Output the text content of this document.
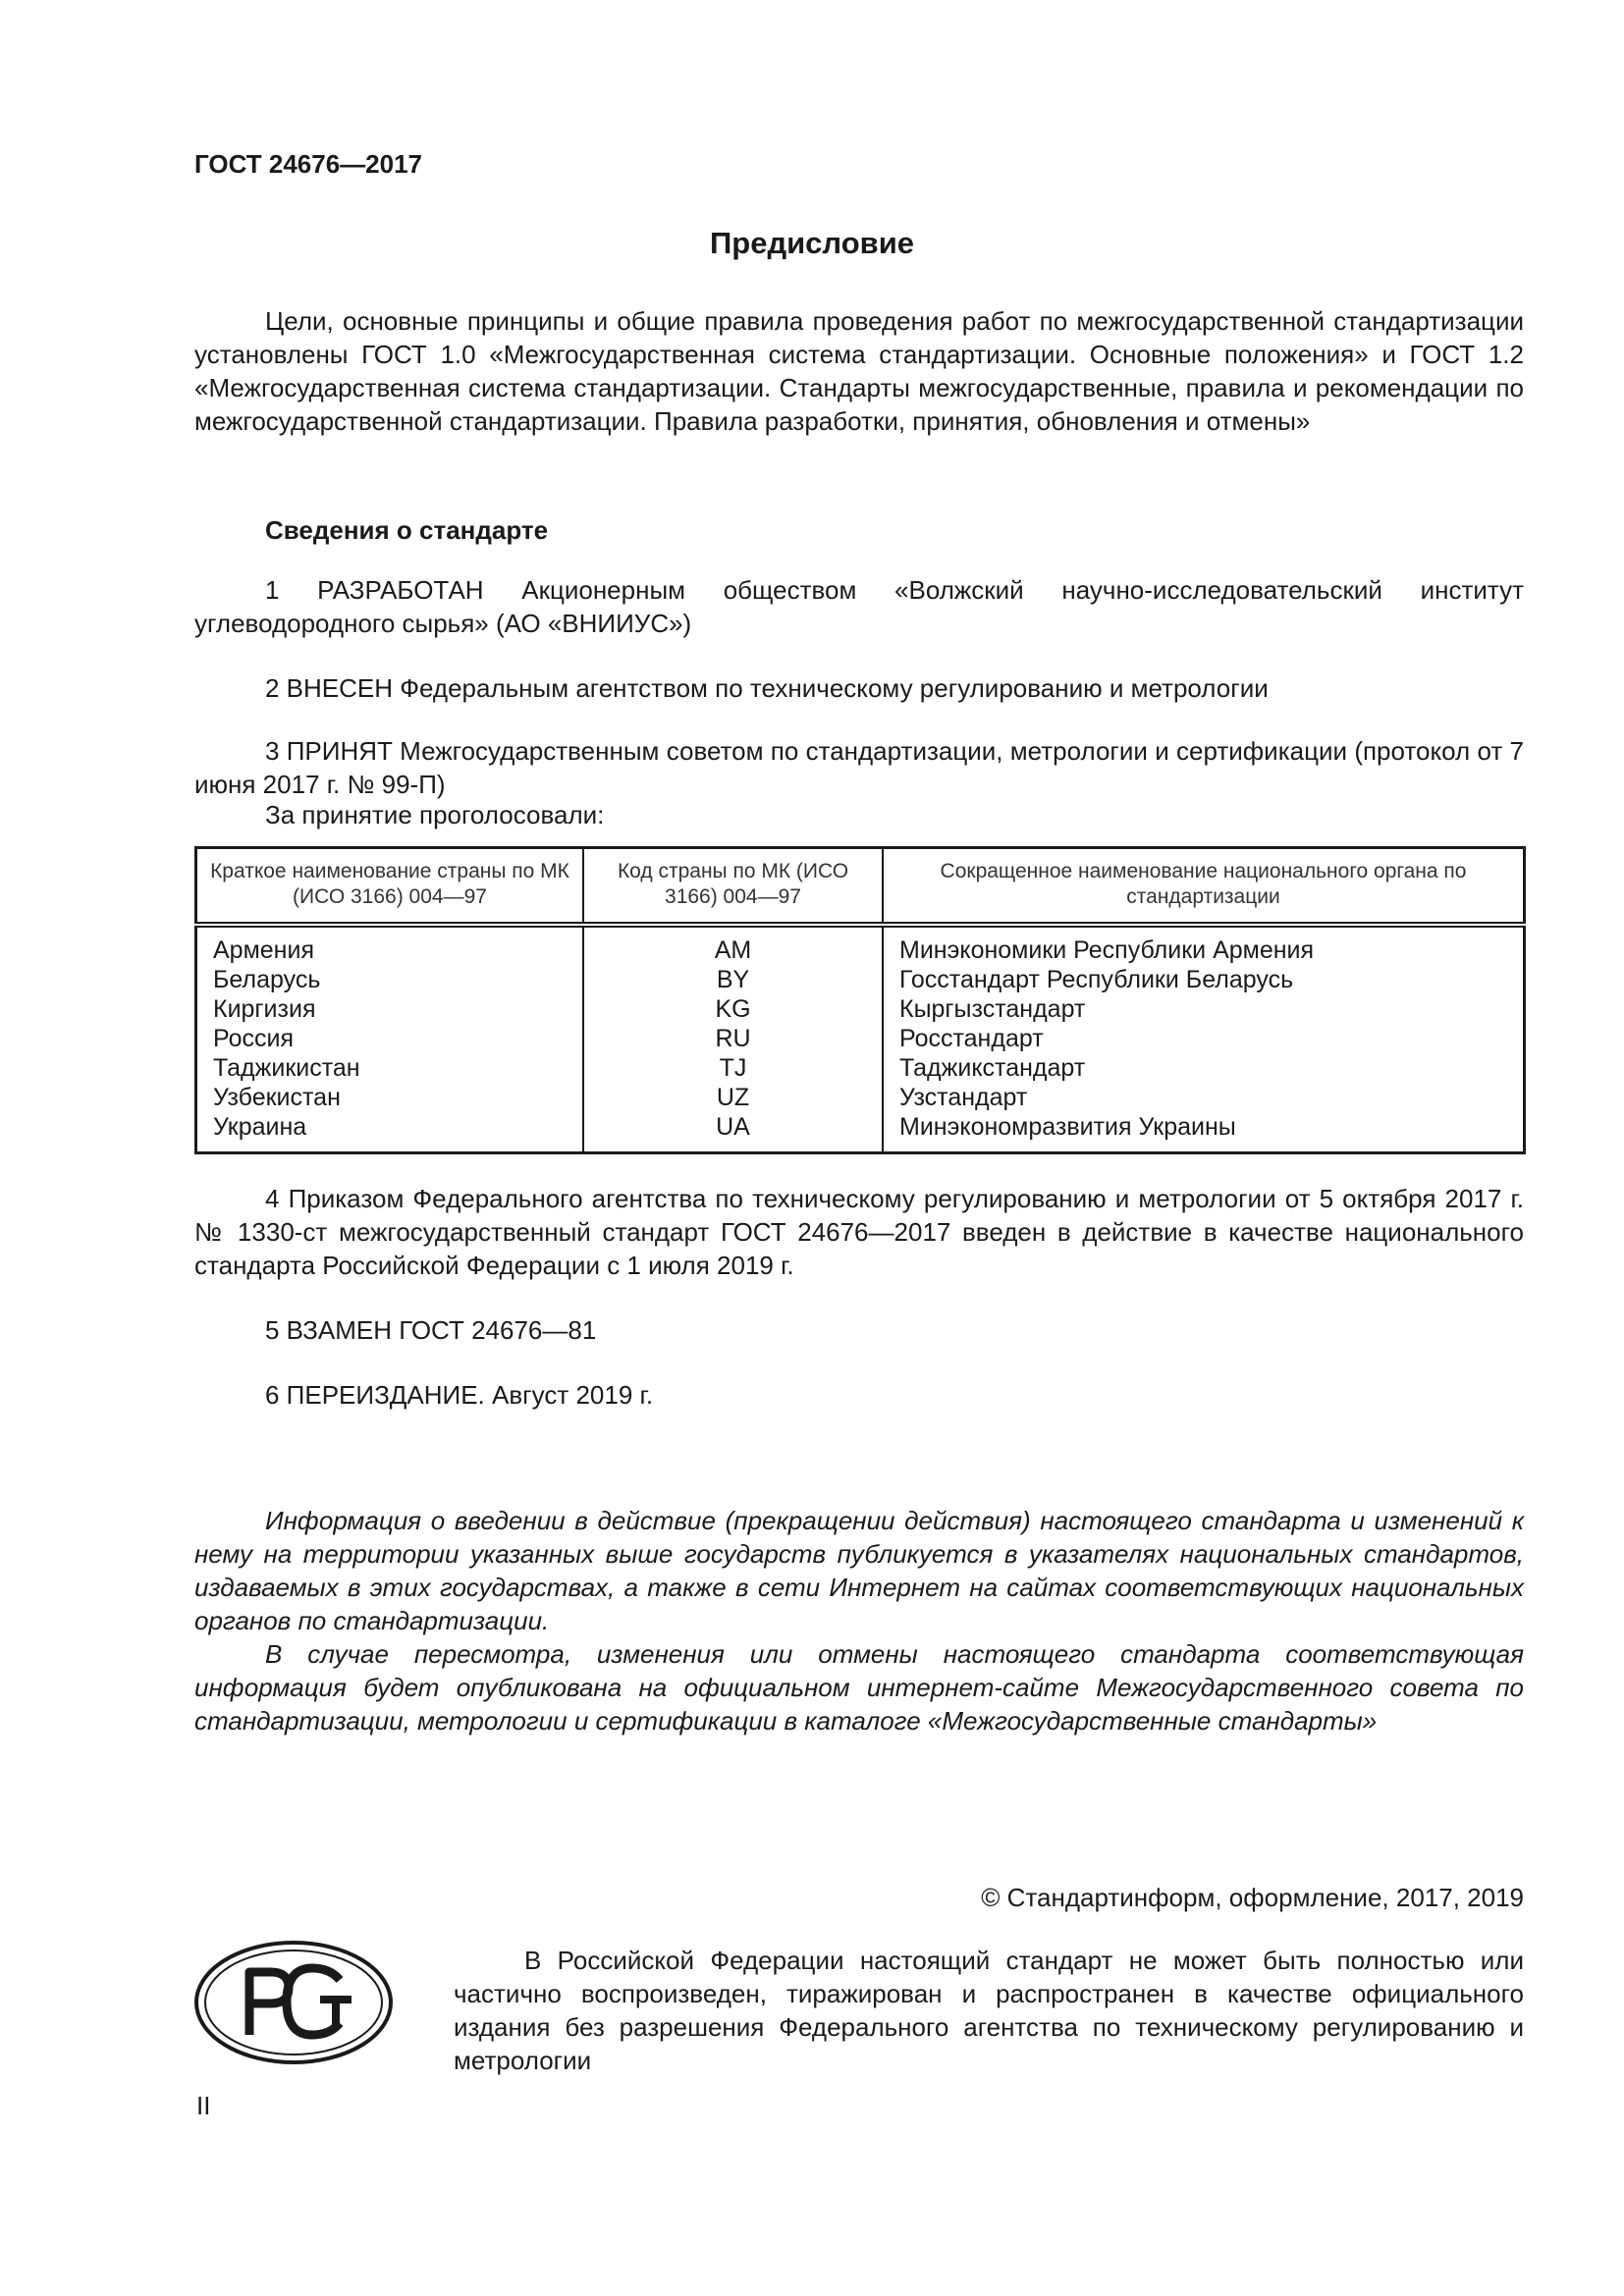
ГОСТ 24676—2017
Предисловие
Цели, основные принципы и общие правила проведения работ по межгосударственной стандартизации установлены ГОСТ 1.0 «Межгосударственная система стандартизации. Основные положения» и ГОСТ 1.2 «Межгосударственная система стандартизации. Стандарты межгосударственные, правила и рекомендации по межгосударственной стандартизации. Правила разработки, принятия, обновления и отмены»
Сведения о стандарте
1 РАЗРАБОТАН Акционерным обществом «Волжский научно-исследовательский институт углеводородного сырья» (АО «ВНИИУС»)
2 ВНЕСЕН Федеральным агентством по техническому регулированию и метрологии
3 ПРИНЯТ Межгосударственным советом по стандартизации, метрологии и сертификации (протокол от 7 июня 2017 г. № 99-П)
За принятие проголосовали:
Краткое наименование страны по МК (ИСО 3166) 004—97	Код страны по МК (ИСО 3166) 004—97	Сокращенное наименование национального органа по стандартизации
Армения	AM	Минэкономики Республики Армения
Беларусь	BY	Госстандарт Республики Беларусь
Киргизия	KG	Кыргызстандарт
Россия	RU	Росстандарт
Таджикистан	TJ	Таджикстандарт
Узбекистан	UZ	Узстандарт
Украина	UA	Минэкономразвития Украины
4 Приказом Федерального агентства по техническому регулированию и метрологии от 5 октября 2017 г. № 1330-ст межгосударственный стандарт ГОСТ 24676—2017 введен в действие в качестве национального стандарта Российской Федерации с 1 июля 2019 г.
5 ВЗАМЕН ГОСТ 24676—81
6 ПЕРЕИЗДАНИЕ. Август 2019 г.
Информация о введении в действие (прекращении действия) настоящего стандарта и изменений к нему на территории указанных выше государств публикуется в указателях национальных стандартов, издаваемых в этих государствах, а также в сети Интернет на сайтах соответствующих национальных органов по стандартизации.
В случае пересмотра, изменения или отмены настоящего стандарта соответствующая информация будет опубликована на официальном интернет-сайте Межгосударственного совета по стандартизации, метрологии и сертификации в каталоге «Межгосударственные стандарты»
© Стандартинформ, оформление, 2017, 2019
В Российской Федерации настоящий стандарт не может быть полностью или частично воспроизведен, тиражирован и распространен в качестве официального издания без разрешения Федерального агентства по техническому регулированию и метрологии
II
